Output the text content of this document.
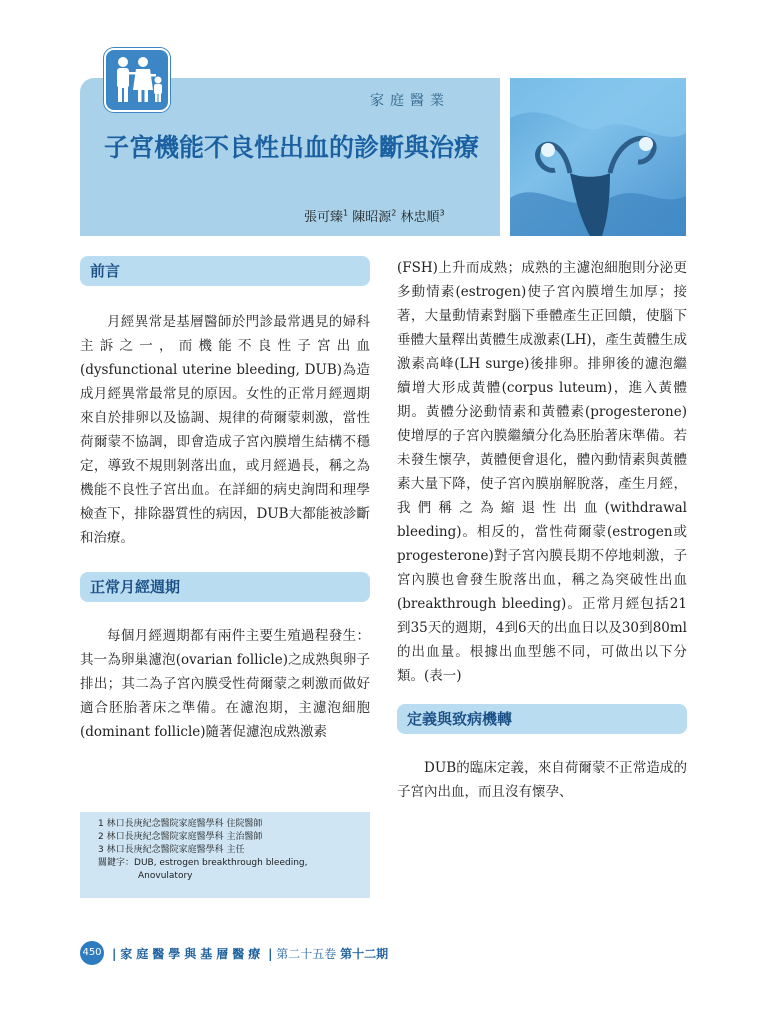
家庭醫業
子宮機能不良性出血的診斷與治療
張可臻$^1$ 陳昭源$^2$ 林忠順$^3$
前言

月經異常是基層醫師於門診最常遇見的婦科主訴之一，而機能不良性子宮出血(dysfunctional uterine bleeding, DUB)為造成月經異常最常見的原因。女性的正常月經週期來自於排卵以及協調、規律的荷爾蒙刺激，當性荷爾蒙不協調，即會造成子宮內膜增生結構不穩定，導致不規則剝落出血，或月經過長，稱之為機能不良性子宮出血。在詳細的病史詢問和理學檢查下，排除器質性的病因，DUB大都能被診斷和治療。

正常月經週期

每個月經週期都有兩件主要生殖過程發生：其一為卵巢濾泡(ovarian follicle)之成熟與卵子排出；其二為子宮內膜受性荷爾蒙之刺激而做好適合胚胎著床之準備。在濾泡期，主濾泡細胞(dominant follicle)隨著促濾泡成熟激素

1 林口長庚紀念醫院家庭醫學科 住院醫師
2 林口長庚紀念醫院家庭醫學科 主治醫師
3 林口長庚紀念醫院家庭醫學科 主任
關鍵字：DUB, estrogen breakthrough bleeding,
Anovulatory

(FSH)上升而成熟；成熟的主濾泡細胞則分泌更多動情素(estrogen)使子宮內膜增生加厚；接著，大量動情素對腦下垂體產生正回饋，使腦下垂體大量釋出黃體生成激素(LH)，產生黃體生成激素高峰(LH surge)後排卵。排卵後的濾泡繼續增大形成黃體(corpus luteum)，進入黃體期。黃體分泌動情素和黃體素(progesterone)使增厚的子宮內膜繼續分化為胚胎著床準備。若未發生懷孕，黃體便會退化，體內動情素與黃體素大量下降，使子宮內膜崩解脫落，產生月經，我們稱之為縮退性出血(withdrawal bleeding)。相反的，當性荷爾蒙(estrogen或progesterone)對子宮內膜長期不停地刺激，子宮內膜也會發生脫落出血，稱之為突破性出血(breakthrough bleeding)。正常月經包括21到35天的週期，4到6天的出血日以及30到80ml的出血量。根據出血型態不同，可做出以下分類。(表一)

定義與致病機轉

DUB的臨床定義，來自荷爾蒙不正常造成的子宮內出血，而且沒有懷孕、

450 | 家庭醫學與基層醫療 | 第二十五卷 第十二期
